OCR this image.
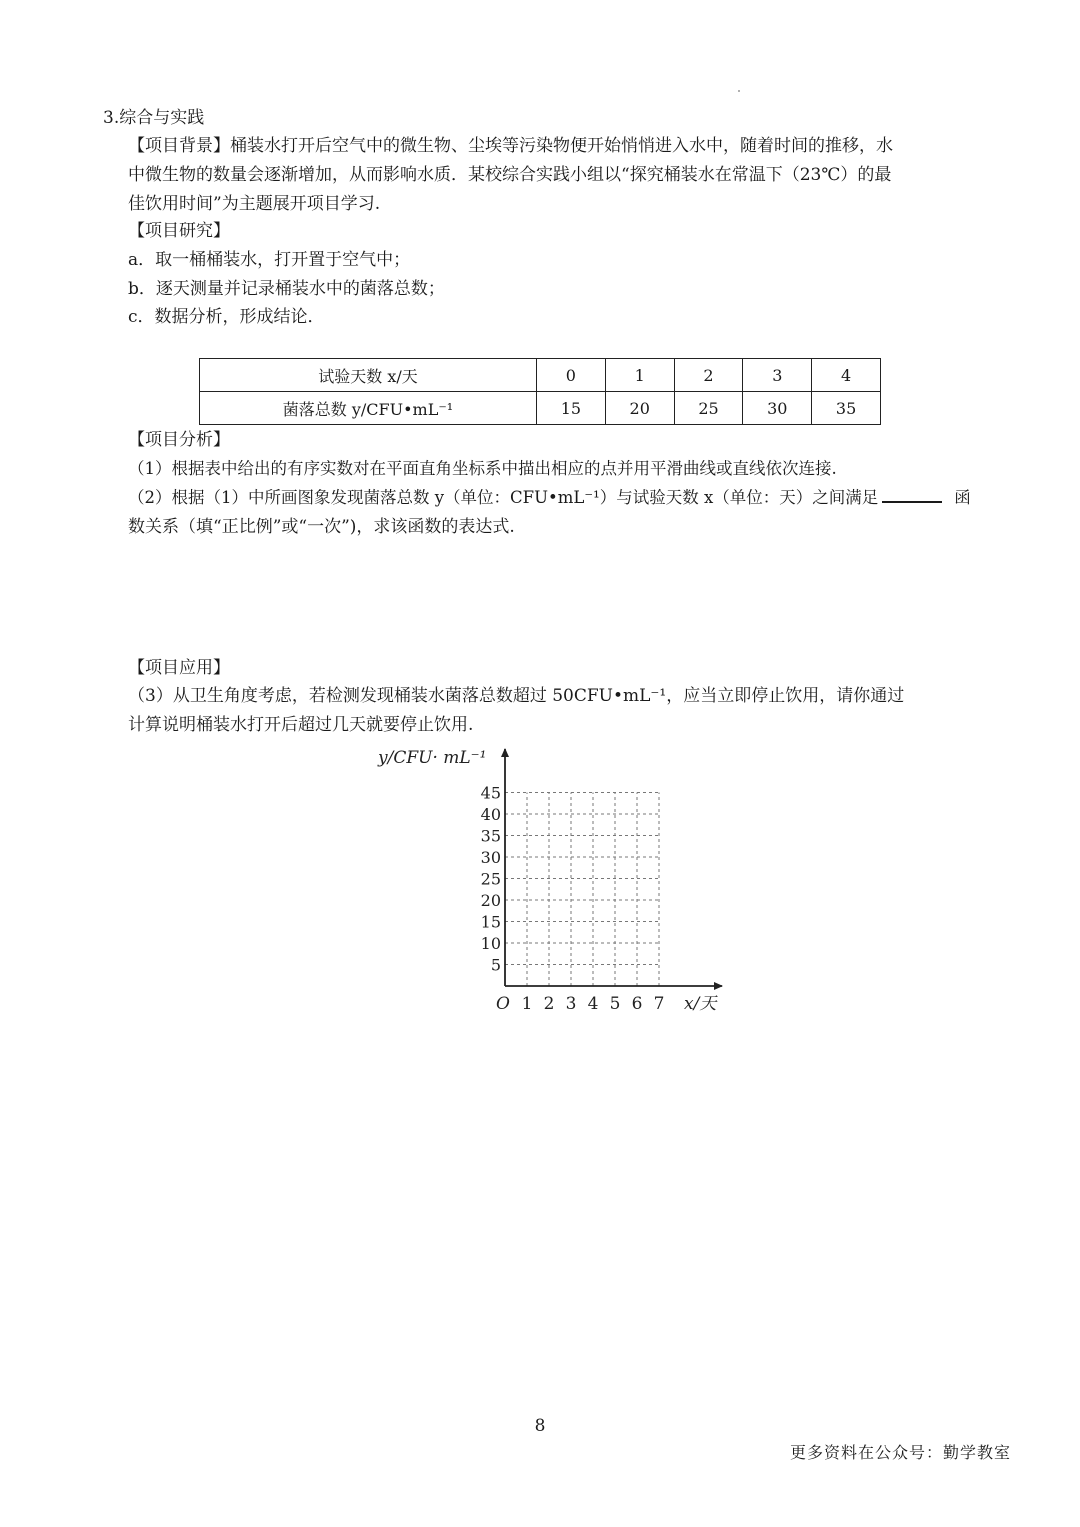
3.综合与实践
【项目背景】桶装水打开后空气中的微生物、尘埃等污染物便开始悄悄进入水中，随着时间的推移，水
中微生物的数量会逐渐增加，从而影响水质．某校综合实践小组以“探究桶装水在常温下（23℃）的最
佳饮用时间”为主题展开项目学习.
【项目研究】
a．取一桶桶装水，打开置于空气中；
b．逐天测量并记录桶装水中的菌落总数；
c．数据分析，形成结论．
试验天数 x/天	0	1	2	3	4
菌落总数 y/CFU•mL⁻¹	15	20	25	30	35
【项目分析】
（1）根据表中给出的有序实数对在平面直角坐标系中描出相应的点并用平滑曲线或直线依次连接.
（2）根据（1）中所画图象发现菌落总数 y（单位：CFU•mL⁻¹）与试验天数 x（单位：天）之间满足	函
数关系（填“正比例”或“一次”)，求该函数的表达式.
【项目应用】
（3）从卫生角度考虑，若检测发现桶装水菌落总数超过 50CFU•mL⁻¹，应当立即停止饮用，请你通过
计算说明桶装水打开后超过几天就要停止饮用.
y/CFU· mL⁻¹
x/天
O 1 2 3 4 5 6 7
5
10
15
20
25
30
35
40
45
8
更多资料在公众号：勤学教室
